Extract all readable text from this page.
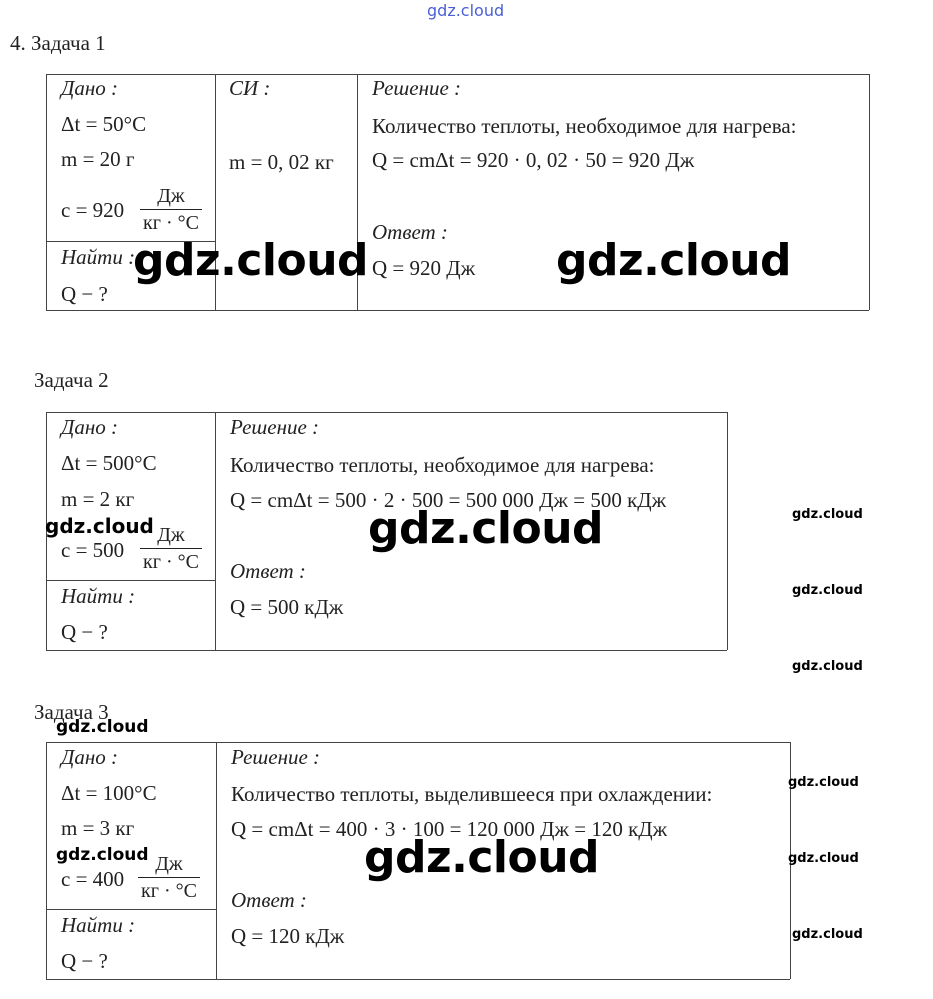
gdz.cloud
4. Задача 1
Дано :
Δt = 50°C
m = 20 г
c = 920
Дж
кг · °C
Найти :
Q − ?
СИ :
m = 0, 02 кг
Решение :
Количество теплоты, необходимое для нагрева:
Q = cmΔt = 920 · 0, 02 · 50 = 920 Дж
Ответ :
Q = 920 Дж
gdz.cloud	gdz.cloud
Задача 2
Дано :
Δt = 500°C
m = 2 кг
c = 500
Дж
кг · °C
Найти :
Q − ?
Решение :
Количество теплоты, необходимое для нагрева:
Q = cmΔt = 500 · 2 · 500 = 500 000 Дж = 500 кДж
Ответ :
Q = 500 кДж
gdz.cloud	gdz.cloud	gdz.cloud
gdz.cloud
gdz.cloud
Задача 3
Дано :
Δt = 100°C
m = 3 кг
c = 400
Дж
кг · °C
Найти :
Q − ?
Решение :
Количество теплоты, выделившееся при охлаждении:
Q = cmΔt = 400 · 3 · 100 = 120 000 Дж = 120 кДж
Ответ :
Q = 120 кДж
gdz.cloud
gdz.cloud	gdz.cloud
gdz.cloud
gdz.cloud
gdz.cloud
